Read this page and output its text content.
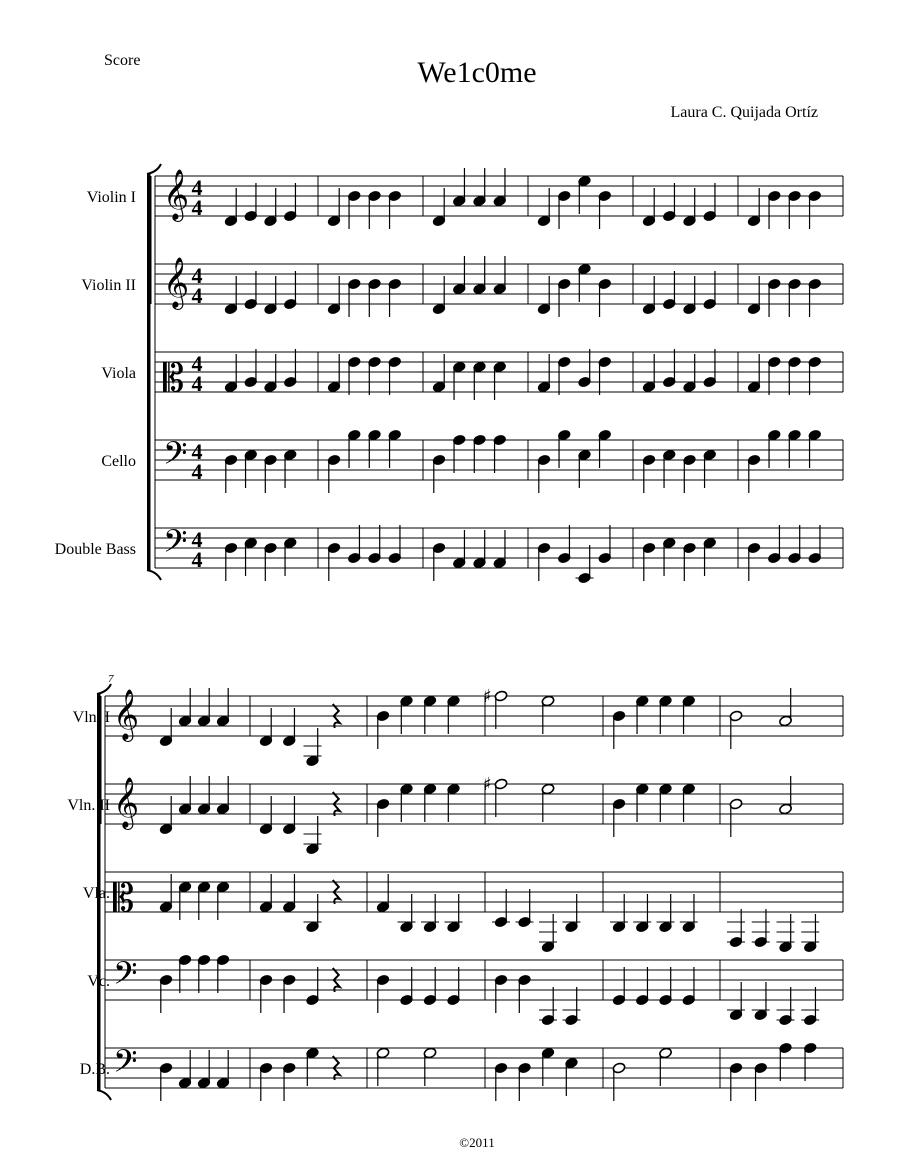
Score	We1c0me
Laura C. Quijada Ortíz
Violin I 𝄞 4
4
Violin II 𝄞 4
4
Viola 𝄡 4
4
Cello 𝄢 4
4
Double Bass 𝄢 4
4
7
Vln. I 𝄞	♯
Vln. II 𝄞	♯
Vla. 𝄡
Vc. 𝄢
D.B. 𝄢
©2011
